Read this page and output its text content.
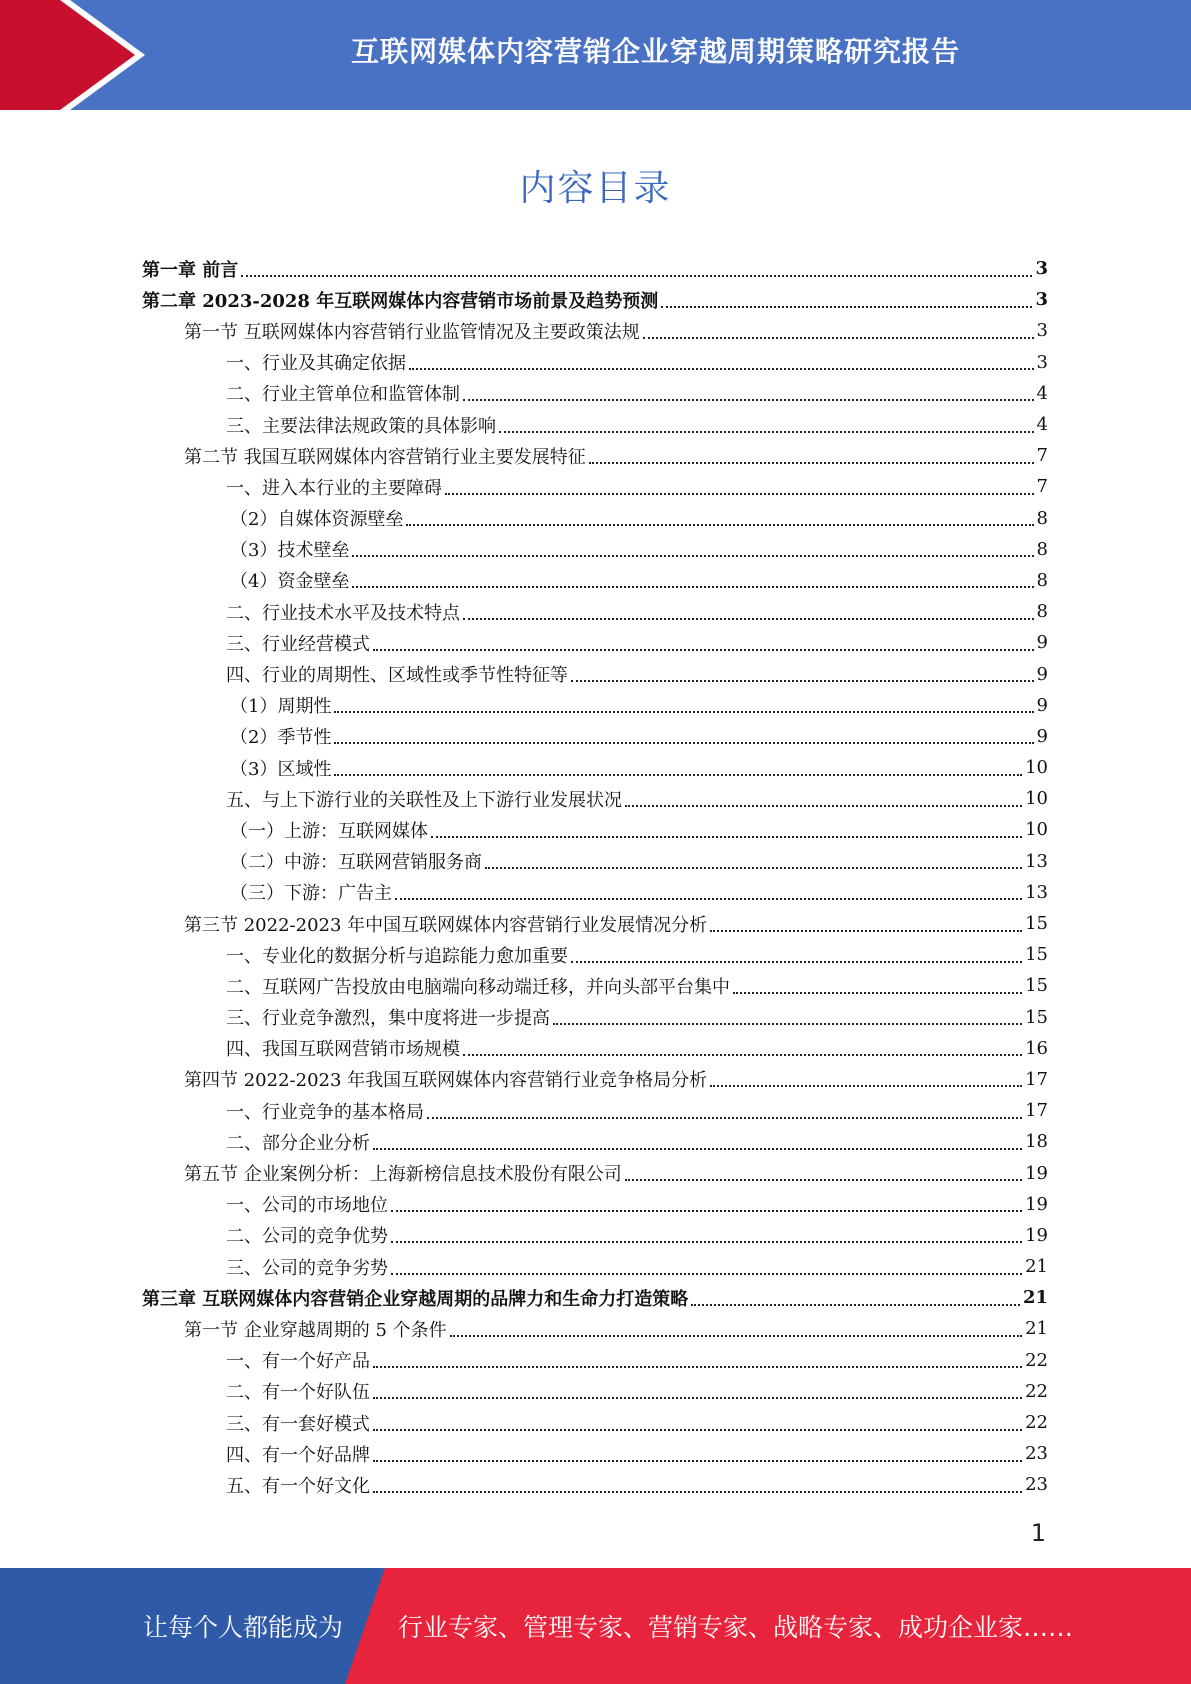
互联网媒体内容营销企业穿越周期策略研究报告
内容目录
第一章 前言	3
第二章 2023-2028 年互联网媒体内容营销市场前景及趋势预测	3
第一节 互联网媒体内容营销行业监管情况及主要政策法规	3
一、行业及其确定依据	3
二、行业主管单位和监管体制	4
三、主要法律法规政策的具体影响	4
第二节 我国互联网媒体内容营销行业主要发展特征	7
一、进入本行业的主要障碍	7
（2）自媒体资源壁垒	8
（3）技术壁垒	8
（4）资金壁垒	8
二、行业技术水平及技术特点	8
三、行业经营模式	9
四、行业的周期性、区域性或季节性特征等	9
（1）周期性	9
（2）季节性	9
（3）区域性	10
五、与上下游行业的关联性及上下游行业发展状况	10
（一）上游：互联网媒体	10
（二）中游：互联网营销服务商	13
（三）下游：广告主	13
第三节 2022-2023 年中国互联网媒体内容营销行业发展情况分析	15
一、专业化的数据分析与追踪能力愈加重要	15
二、互联网广告投放由电脑端向移动端迁移，并向头部平台集中	15
三、行业竞争激烈，集中度将进一步提高	15
四、我国互联网营销市场规模	16
第四节 2022-2023 年我国互联网媒体内容营销行业竞争格局分析	17
一、行业竞争的基本格局	17
二、部分企业分析	18
第五节 企业案例分析：上海新榜信息技术股份有限公司	19
一、公司的市场地位	19
二、公司的竞争优势	19
三、公司的竞争劣势	21
第三章 互联网媒体内容营销企业穿越周期的品牌力和生命力打造策略	21
第一节 企业穿越周期的 5 个条件	21
一、有一个好产品	22
二、有一个好队伍	22
三、有一套好模式	22
四、有一个好品牌	23
五、有一个好文化	23
1
让每个人都能成为 行业专家、管理专家、营销专家、战略专家、成功企业家……
